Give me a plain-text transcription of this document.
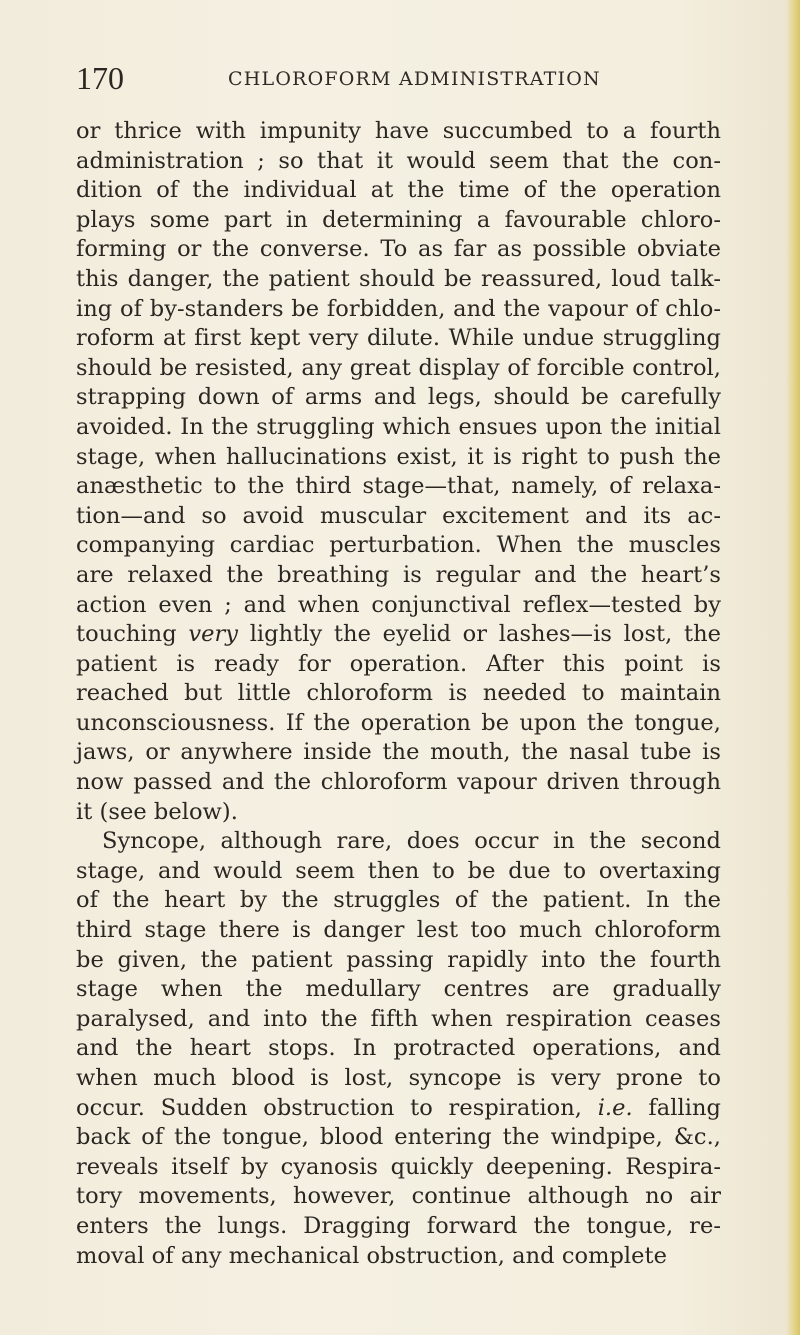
170	CHLOROFORM ADMINISTRATION
or thrice with impunity have succumbed to a fourth
administration ; so that it would seem that the con-
dition of the individual at the time of the operation
plays some part in determining a favourable chloro-
forming or the converse. To as far as possible obviate
this danger, the patient should be reassured, loud talk-
ing of by-standers be forbidden, and the vapour of chlo-
roform at first kept very dilute. While undue struggling
should be resisted, any great display of forcible control,
strapping down of arms and legs, should be carefully
avoided. In the struggling which ensues upon the initial
stage, when hallucinations exist, it is right to push the
anæsthetic to the third stage—that, namely, of relaxa-
tion—and so avoid muscular excitement and its ac-
companying cardiac perturbation. When the muscles
are relaxed the breathing is regular and the heart’s
action even ; and when conjunctival reflex—tested by
touching very lightly the eyelid or lashes—is lost, the
patient is ready for operation. After this point is
reached but little chloroform is needed to maintain
unconsciousness. If the operation be upon the tongue,
jaws, or anywhere inside the mouth, the nasal tube is
now passed and the chloroform vapour driven through
it (see below).
Syncope, although rare, does occur in the second
stage, and would seem then to be due to overtaxing
of the heart by the struggles of the patient. In the
third stage there is danger lest too much chloroform
be given, the patient passing rapidly into the fourth
stage when the medullary centres are gradually
paralysed, and into the fifth when respiration ceases
and the heart stops. In protracted operations, and
when much blood is lost, syncope is very prone to
occur. Sudden obstruction to respiration, i.e. falling
back of the tongue, blood entering the windpipe, &c.,
reveals itself by cyanosis quickly deepening. Respira-
tory movements, however, continue although no air
enters the lungs. Dragging forward the tongue, re-
moval of any mechanical obstruction, and complete
